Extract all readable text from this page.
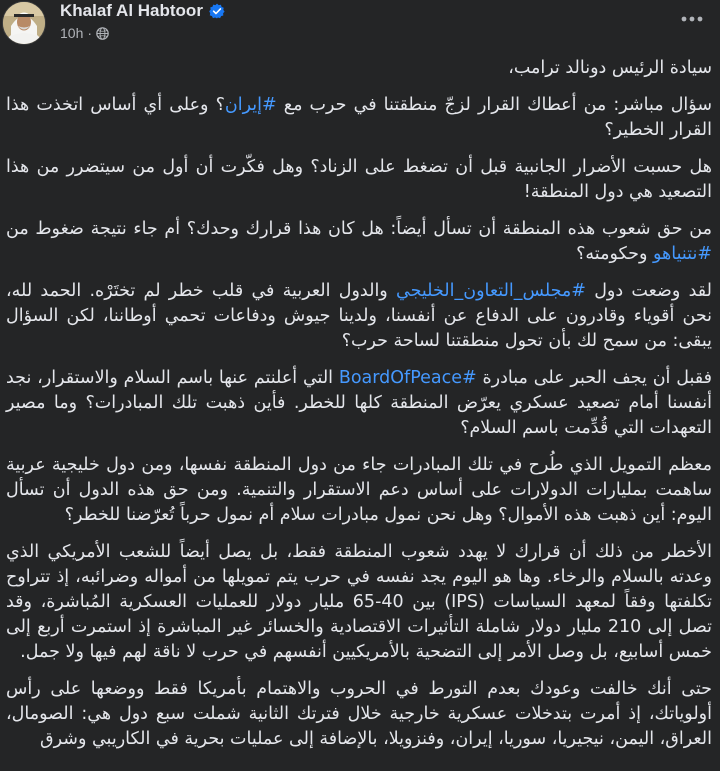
Khalaf Al Habtoor
10h ·

سيادة الرئيس دونالد ترامب،

سؤال مباشر: من أعطاك القرار لزجّ منطقتنا في حرب مع #إيران؟ وعلى أي أساس اتخذت هذا القرار الخطير؟

هل حسبت الأضرار الجانبية قبل أن تضغط على الزناد؟ وهل فكّرت أن أول من سيتضرر من هذا التصعيد هي دول المنطقة!

من حق شعوب هذه المنطقة أن تسأل أيضاً: هل كان هذا قرارك وحدك؟ أم جاء نتيجة ضغوط من #نتنياهو وحكومته؟

لقد وضعت دول #مجلس_التعاون_الخليجي والدول العربية في قلب خطر لم تختَرْه. الحمد لله، نحن أقوياء وقادرون على الدفاع عن أنفسنا، ولدينا جيوش ودفاعات تحمي أوطاننا، لكن السؤال يبقى: من سمح لك بأن تحول منطقتنا لساحة حرب؟

فقبل أن يجف الحبر على مبادرة #BoardOfPeace التي أعلنتم عنها باسم السلام والاستقرار، نجد أنفسنا أمام تصعيد عسكري يعرّض المنطقة كلها للخطر. فأين ذهبت تلك المبادرات؟ وما مصير التعهدات التي قُدِّمت باسم السلام؟

معظم التمويل الذي طُرح في تلك المبادرات جاء من دول المنطقة نفسها، ومن دول خليجية عربية ساهمت بمليارات الدولارات على أساس دعم الاستقرار والتنمية. ومن حق هذه الدول أن تسأل اليوم: أين ذهبت هذه الأموال؟ وهل نحن نمول مبادرات سلام أم نمول حرباً تُعرّضنا للخطر؟

الأخطر من ذلك أن قرارك لا يهدد شعوب المنطقة فقط، بل يصل أيضاً للشعب الأمريكي الذي وعدته بالسلام والرخاء. وها هو اليوم يجد نفسه في حرب يتم تمويلها من أمواله وضرائبه، إذ تتراوح تكلفتها وفقاً لمعهد السياسات (IPS) بين 40-65 مليار دولار للعمليات العسكرية المُباشرة، وقد تصل إلى 210 مليار دولار شاملة التأثيرات الاقتصادية والخسائر غير المباشرة إذ استمرت أربع إلى خمس أسابيع، بل وصل الأمر إلى التضحية بالأمريكيين أنفسهم في حرب لا ناقة لهم فيها ولا جمل.

حتى أنك خالفت وعودك بعدم التورط في الحروب والاهتمام بأمريكا فقط ووضعها على رأس أولوياتك، إذ أمرت بتدخلات عسكرية خارجية خلال فترتك الثانية شملت سبع دول هي: الصومال، العراق، اليمن، نيجيريا، سوريا، إيران، وفنزويلا، بالإضافة إلى عمليات بحرية في الكاريبي وشرق
